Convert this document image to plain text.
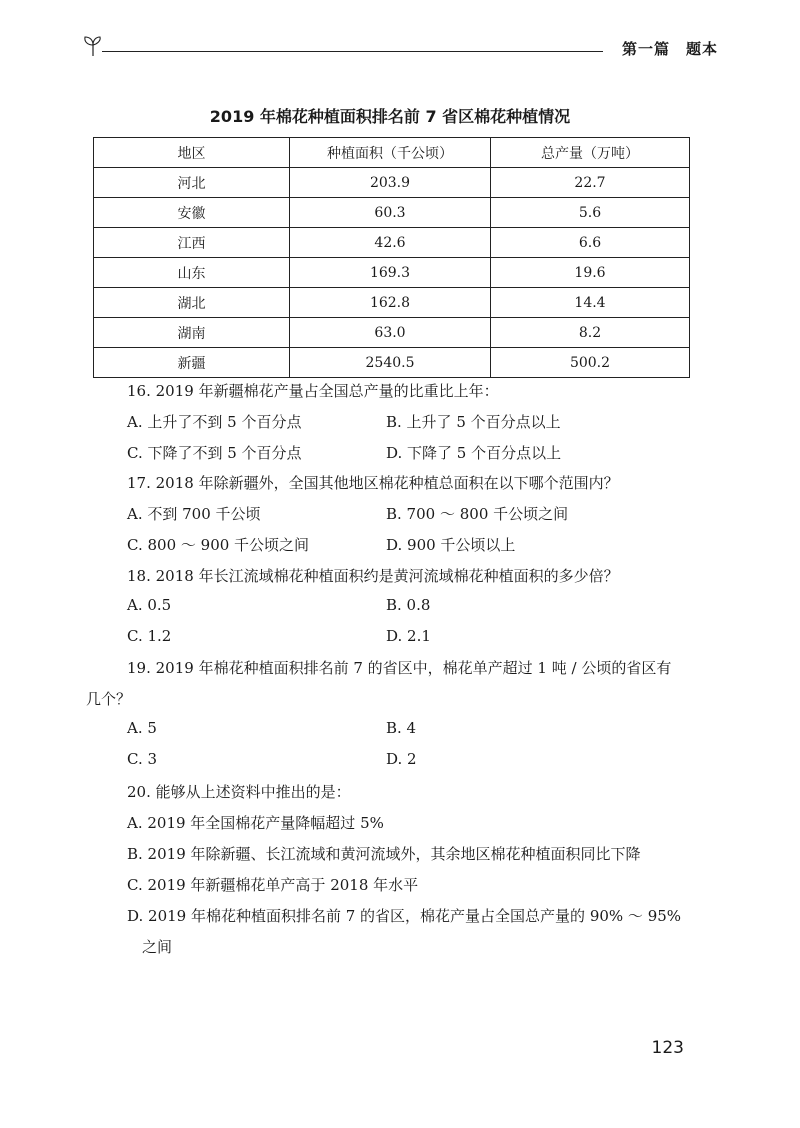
第一篇　题本
2019 年棉花种植面积排名前 7 省区棉花种植情况
地区	种植面积（千公顷）	总产量（万吨）
河北	203.9	22.7
安徽	60.3	5.6
江西	42.6	6.6
山东	169.3	19.6
湖北	162.8	14.4
湖南	63.0	8.2
新疆	2540.5	500.2
16. 2019 年新疆棉花产量占全国总产量的比重比上年：
A. 上升了不到 5 个百分点	B. 上升了 5 个百分点以上
C. 下降了不到 5 个百分点	D. 下降了 5 个百分点以上
17. 2018 年除新疆外，全国其他地区棉花种植总面积在以下哪个范围内？
A. 不到 700 千公顷	B. 700 ～ 800 千公顷之间
C. 800 ～ 900 千公顷之间	D. 900 千公顷以上
18. 2018 年长江流域棉花种植面积约是黄河流域棉花种植面积的多少倍？
A. 0.5	B. 0.8
C. 1.2	D. 2.1
19. 2019 年棉花种植面积排名前 7 的省区中，棉花单产超过 1 吨 / 公顷的省区有
几个？
A. 5	B. 4
C. 3	D. 2
20. 能够从上述资料中推出的是：
A. 2019 年全国棉花产量降幅超过 5%
B. 2019 年除新疆、长江流域和黄河流域外，其余地区棉花种植面积同比下降
C. 2019 年新疆棉花单产高于 2018 年水平
D. 2019 年棉花种植面积排名前 7 的省区，棉花产量占全国总产量的 90% ～ 95%
之间
123
